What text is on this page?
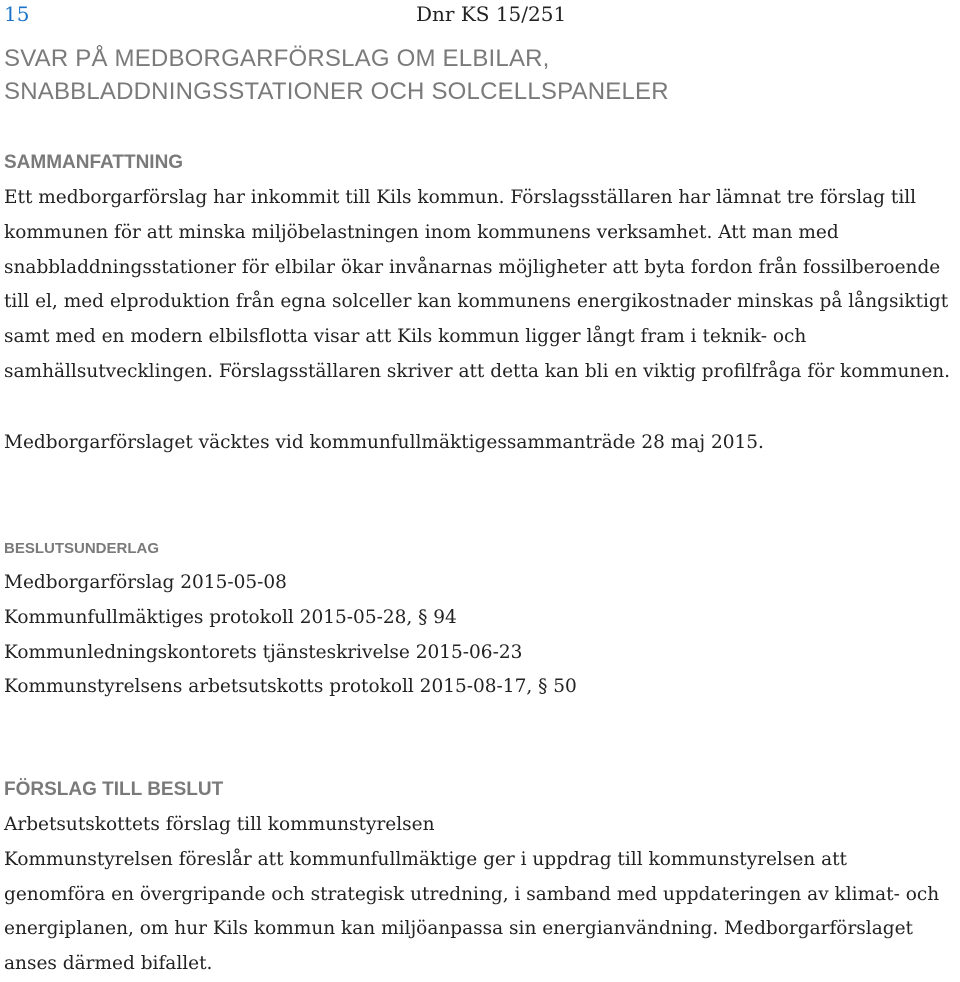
15	Dnr KS 15/251
SVAR PÅ MEDBORGARFÖRSLAG OM ELBILAR,
SNABBLADDNINGSSTATIONER OCH SOLCELLSPANELER
SAMMANFATTNING
Ett medborgarförslag har inkommit till Kils kommun. Förslagsställaren har lämnat tre förslag till
kommunen för att minska miljöbelastningen inom kommunens verksamhet. Att man med
snabbladdningsstationer för elbilar ökar invånarnas möjligheter att byta fordon från fossilberoende
till el, med elproduktion från egna solceller kan kommunens energikostnader minskas på långsiktigt
samt med en modern elbilsflotta visar att Kils kommun ligger långt fram i teknik- och
samhällsutvecklingen. Förslagsställaren skriver att detta kan bli en viktig profilfråga för kommunen.
Medborgarförslaget väcktes vid kommunfullmäktigessammanträde 28 maj 2015.
BESLUTSUNDERLAG
Medborgarförslag 2015-05-08
Kommunfullmäktiges protokoll 2015-05-28, § 94
Kommunledningskontorets tjänsteskrivelse 2015-06-23
Kommunstyrelsens arbetsutskotts protokoll 2015-08-17, § 50
FÖRSLAG TILL BESLUT
Arbetsutskottets förslag till kommunstyrelsen
Kommunstyrelsen föreslår att kommunfullmäktige ger i uppdrag till kommunstyrelsen att
genomföra en övergripande och strategisk utredning, i samband med uppdateringen av klimat- och
energiplanen, om hur Kils kommun kan miljöanpassa sin energianvändning. Medborgarförslaget
anses därmed bifallet.
